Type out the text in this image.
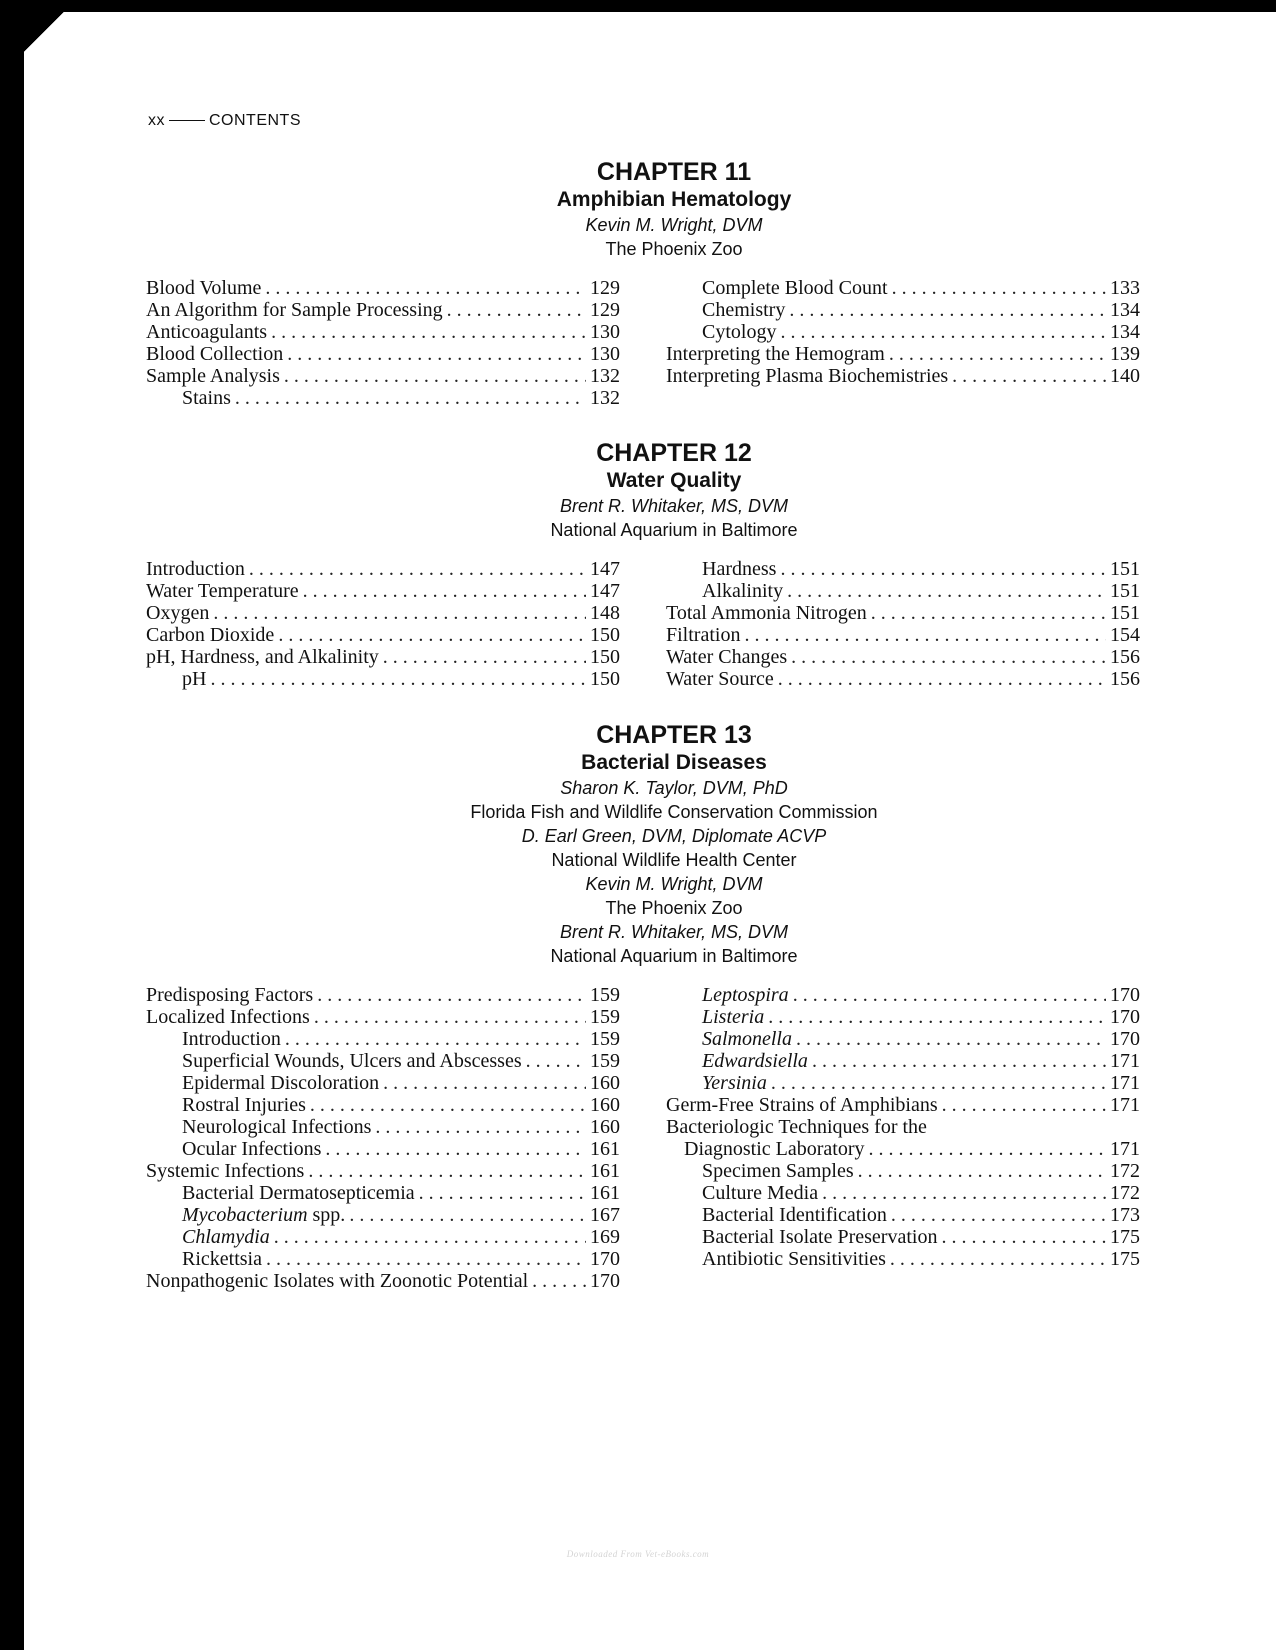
xx	CONTENTS
CHAPTER 11
Amphibian Hematology
Kevin M. Wright, DVM
The Phoenix Zoo
Blood Volume . . .	129
An Algorithm for Sample Processing . . .	129
Anticoagulants . . .	130
Blood Collection . . .	130
Sample Analysis . . .	132
Stains . . .	132
Complete Blood Count . . .	133
Chemistry . . .	134
Cytology . . .	134
Interpreting the Hemogram . . .	139
Interpreting Plasma Biochemistries . . .	140
CHAPTER 12
Water Quality
Brent R. Whitaker, MS, DVM
National Aquarium in Baltimore
Introduction . . .	147
Water Temperature . . .	147
Oxygen . . .	148
Carbon Dioxide . . .	150
pH, Hardness, and Alkalinity . . .	150
pH . . .	150
Hardness . . .	151
Alkalinity . . .	151
Total Ammonia Nitrogen . . .	151
Filtration . . .	154
Water Changes . . .	156
Water Source . . .	156
CHAPTER 13
Bacterial Diseases
Sharon K. Taylor, DVM, PhD
Florida Fish and Wildlife Conservation Commission
D. Earl Green, DVM, Diplomate ACVP
National Wildlife Health Center
Kevin M. Wright, DVM
The Phoenix Zoo
Brent R. Whitaker, MS, DVM
National Aquarium in Baltimore
Predisposing Factors . . .	159
Localized Infections . . .	159
Introduction . . .	159
Superficial Wounds, Ulcers and Abscesses . . .	159
Epidermal Discoloration . . .	160
Rostral Injuries . . .	160
Neurological Infections . . .	160
Ocular Infections . . .	161
Systemic Infections . . .	161
Bacterial Dermatosepticemia . . .	161
Mycobacterium spp. . . .	167
Chlamydia . . .	169
Rickettsia . . .	170
Nonpathogenic Isolates with Zoonotic Potential . . .	170
Leptospira . . .	170
Listeria . . .	170
Salmonella . . .	170
Edwardsiella . . .	171
Yersinia . . .	171
Germ-Free Strains of Amphibians . . .	171
Bacteriologic Techniques for the
Diagnostic Laboratory . . .	171
Specimen Samples . . .	172
Culture Media . . .	172
Bacterial Identification . . .	173
Bacterial Isolate Preservation . . .	175
Antibiotic Sensitivities . . .	175
Downloaded From Vet-eBooks.com
